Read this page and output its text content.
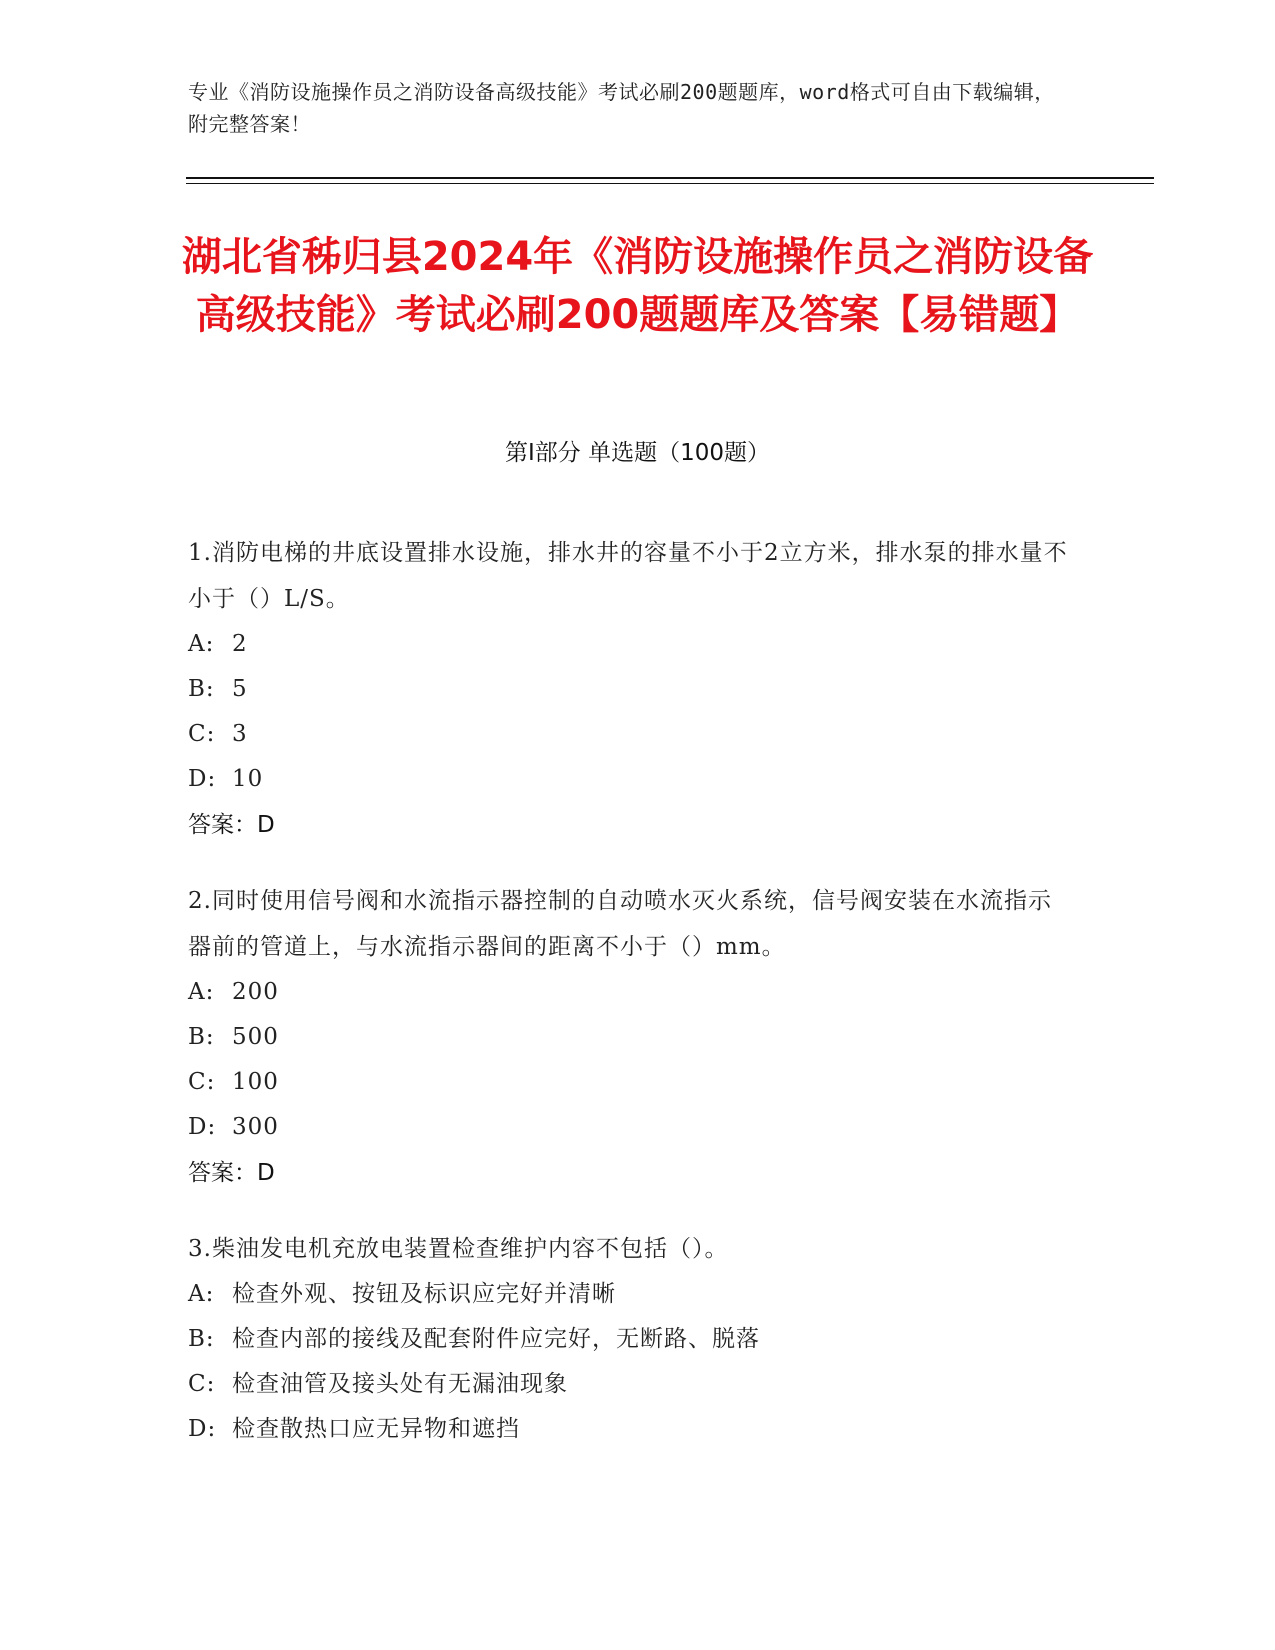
专业《消防设施操作员之消防设备高级技能》考试必刷200题题库，word格式可自由下载编辑，附完整答案！
湖北省秭归县2024年《消防设施操作员之消防设备高级技能》考试必刷200题题库及答案【易错题】
第Ⅰ部分 单选题（100题）
1.消防电梯的井底设置排水设施，排水井的容量不小于2立方米，排水泵的排水量不小于（）L/S。
A: 2
B: 5
C: 3
D: 10
答案：D
2.同时使用信号阀和水流指示器控制的自动喷水灭火系统，信号阀安装在水流指示器前的管道上，与水流指示器间的距离不小于（）mm。
A: 200
B: 500
C: 100
D: 300
答案：D
3.柴油发电机充放电装置检查维护内容不包括（）。
A: 检查外观、按钮及标识应完好并清晰
B: 检查内部的接线及配套附件应完好，无断路、脱落
C: 检查油管及接头处有无漏油现象
D: 检查散热口应无异物和遮挡
